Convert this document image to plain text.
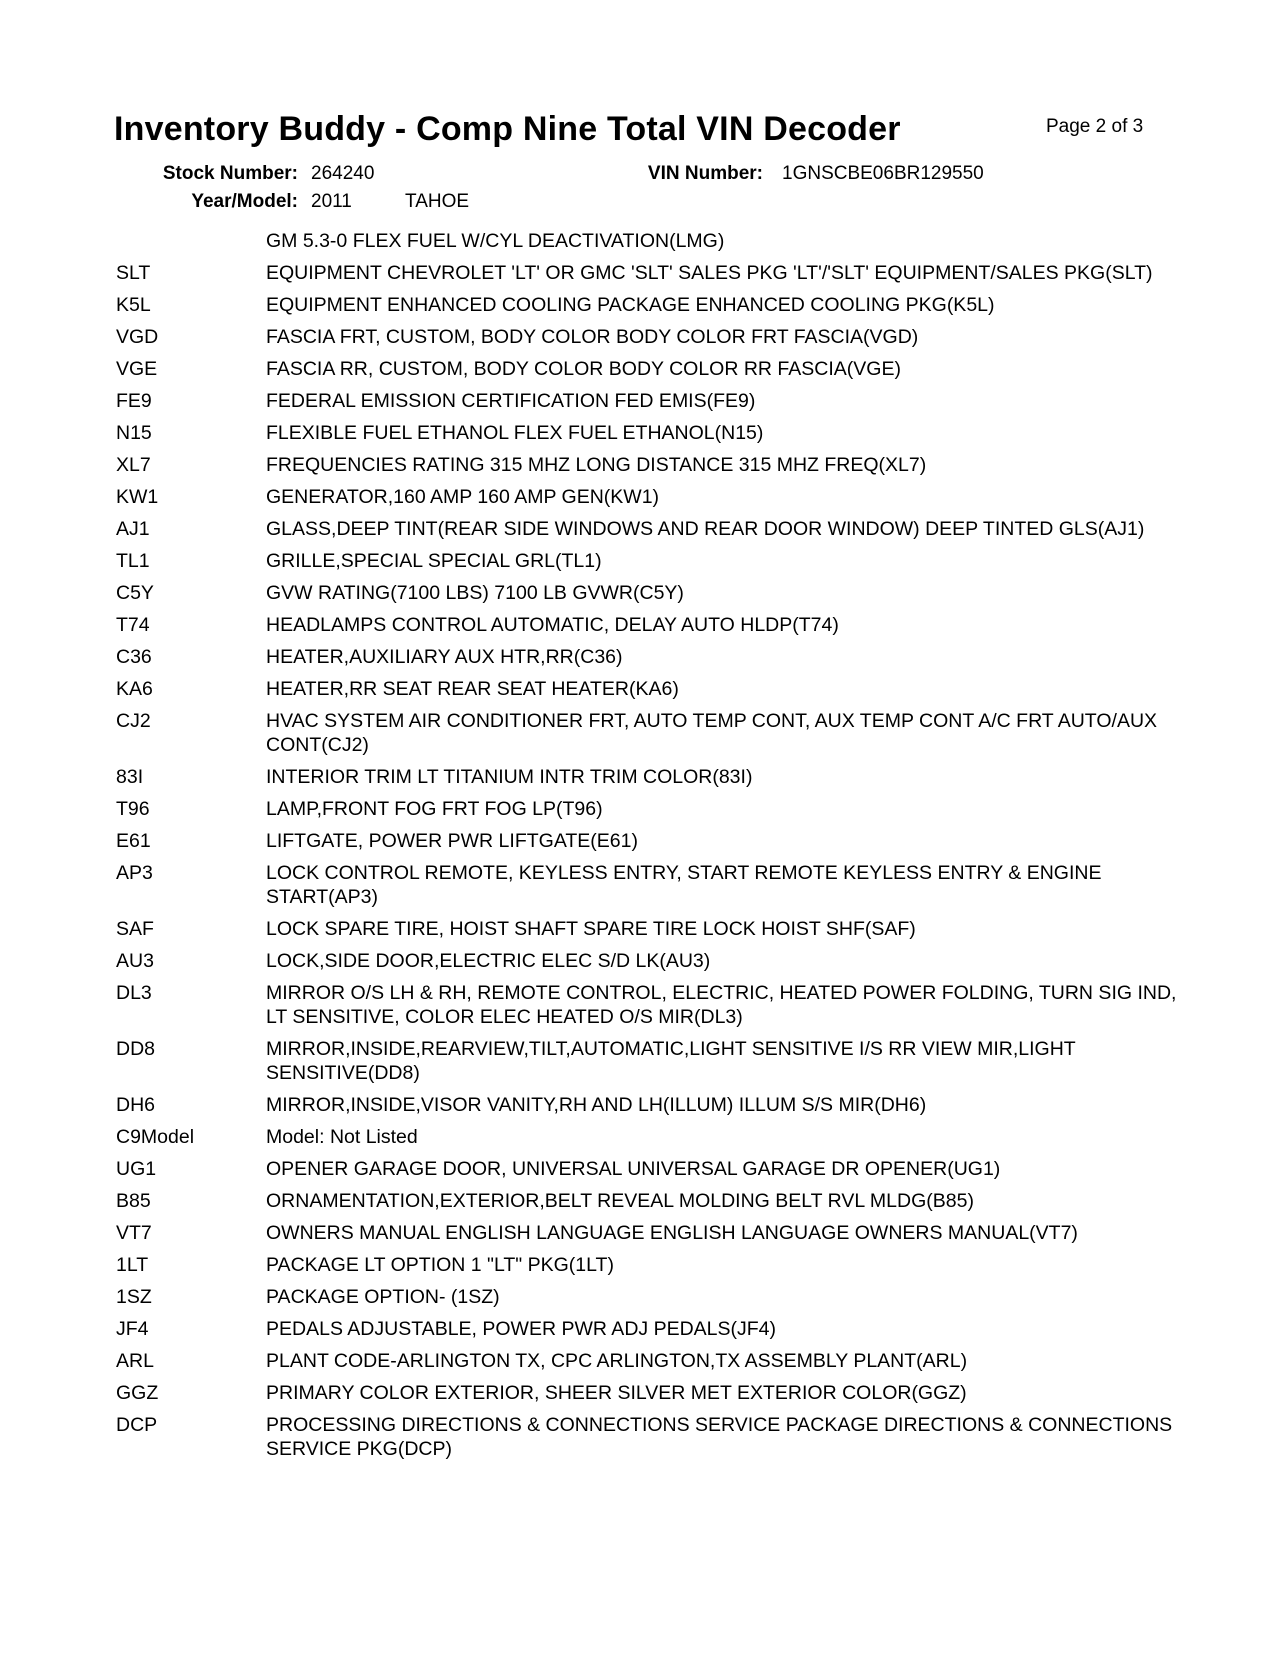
Inventory Buddy - Comp Nine Total VIN Decoder	Page 2 of 3
Stock Number: 264240	VIN Number: 1GNSCBE06BR129550
Year/Model: 2011	TAHOE
GM 5.3-0 FLEX FUEL W/CYL DEACTIVATION(LMG)
SLT	EQUIPMENT CHEVROLET 'LT' OR GMC 'SLT' SALES PKG 'LT'/'SLT' EQUIPMENT/SALES PKG(SLT)
K5L	EQUIPMENT ENHANCED COOLING PACKAGE ENHANCED COOLING PKG(K5L)
VGD	FASCIA FRT, CUSTOM, BODY COLOR BODY COLOR FRT FASCIA(VGD)
VGE	FASCIA RR, CUSTOM, BODY COLOR BODY COLOR RR FASCIA(VGE)
FE9	FEDERAL EMISSION CERTIFICATION FED EMIS(FE9)
N15	FLEXIBLE FUEL ETHANOL FLEX FUEL ETHANOL(N15)
XL7	FREQUENCIES RATING 315 MHZ LONG DISTANCE 315 MHZ FREQ(XL7)
KW1	GENERATOR,160 AMP 160 AMP GEN(KW1)
AJ1	GLASS,DEEP TINT(REAR SIDE WINDOWS AND REAR DOOR WINDOW) DEEP TINTED GLS(AJ1)
TL1	GRILLE,SPECIAL SPECIAL GRL(TL1)
C5Y	GVW RATING(7100 LBS) 7100 LB GVWR(C5Y)
T74	HEADLAMPS CONTROL AUTOMATIC, DELAY AUTO HLDP(T74)
C36	HEATER,AUXILIARY AUX HTR,RR(C36)
KA6	HEATER,RR SEAT REAR SEAT HEATER(KA6)
CJ2	HVAC SYSTEM AIR CONDITIONER FRT, AUTO TEMP CONT, AUX TEMP CONT A/C FRT AUTO/AUX CONT(CJ2)
83I	INTERIOR TRIM LT TITANIUM INTR TRIM COLOR(83I)
T96	LAMP,FRONT FOG FRT FOG LP(T96)
E61	LIFTGATE, POWER PWR LIFTGATE(E61)
AP3	LOCK CONTROL REMOTE, KEYLESS ENTRY, START REMOTE KEYLESS ENTRY & ENGINE START(AP3)
SAF	LOCK SPARE TIRE, HOIST SHAFT SPARE TIRE LOCK HOIST SHF(SAF)
AU3	LOCK,SIDE DOOR,ELECTRIC ELEC S/D LK(AU3)
DL3	MIRROR O/S LH & RH, REMOTE CONTROL, ELECTRIC, HEATED POWER FOLDING, TURN SIG IND, LT SENSITIVE, COLOR ELEC HEATED O/S MIR(DL3)
DD8	MIRROR,INSIDE,REARVIEW,TILT,AUTOMATIC,LIGHT SENSITIVE I/S RR VIEW MIR,LIGHT SENSITIVE(DD8)
DH6	MIRROR,INSIDE,VISOR VANITY,RH AND LH(ILLUM) ILLUM S/S MIR(DH6)
C9Model	Model: Not Listed
UG1	OPENER GARAGE DOOR, UNIVERSAL UNIVERSAL GARAGE DR OPENER(UG1)
B85	ORNAMENTATION,EXTERIOR,BELT REVEAL MOLDING BELT RVL MLDG(B85)
VT7	OWNERS MANUAL ENGLISH LANGUAGE ENGLISH LANGUAGE OWNERS MANUAL(VT7)
1LT	PACKAGE LT OPTION 1 "LT" PKG(1LT)
1SZ	PACKAGE OPTION- (1SZ)
JF4	PEDALS ADJUSTABLE, POWER PWR ADJ PEDALS(JF4)
ARL	PLANT CODE-ARLINGTON TX, CPC ARLINGTON,TX ASSEMBLY PLANT(ARL)
GGZ	PRIMARY COLOR EXTERIOR, SHEER SILVER MET EXTERIOR COLOR(GGZ)
DCP	PROCESSING DIRECTIONS & CONNECTIONS SERVICE PACKAGE DIRECTIONS & CONNECTIONS SERVICE PKG(DCP)
